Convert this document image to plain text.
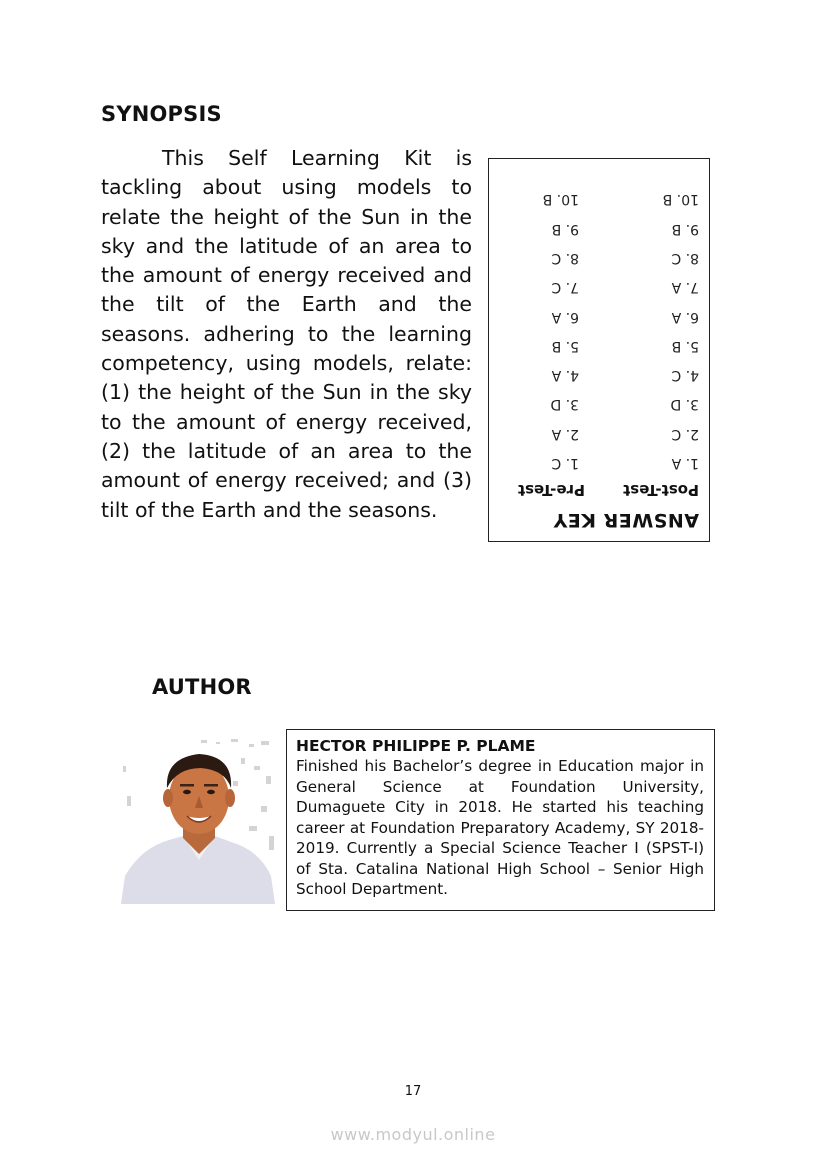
SYNOPSIS
This Self Learning Kit is tackling about using models to relate the height of the Sun in the sky and the latitude of an area to the amount of energy received and the tilt of the Earth and the seasons. adhering to the learning competency, using models, relate: (1) the height of the Sun in the sky to the amount of energy received, (2) the latitude of an area to the amount of energy received; and (3) tilt of the Earth and the seasons.	ANSWER KEY
Post-Test
Pre-Test
1. A
2. C
3. D
4. C
5. B
6. A
7. A
8. C
9. B
10. B
1. C
2. A
3. D
4. A
5. B
6. A
7. C
8. C
9. B
10. B
AUTHOR
HECTOR PHILIPPE P. PLAME
Finished his Bachelor’s degree in Education major in General Science at Foundation University, Dumaguete City in 2018. He started his teaching career at Foundation Preparatory Academy, SY 2018-2019. Currently a Special Science Teacher I (SPST-I) of Sta. Catalina National High School – Senior High School Department.
17
www.modyul.online
